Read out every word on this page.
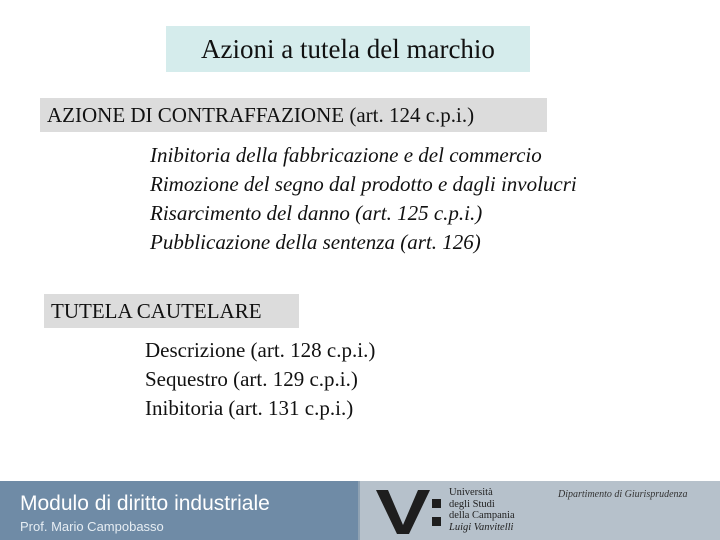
Azioni a tutela del marchio
AZIONE DI CONTRAFFAZIONE (art. 124 c.p.i.)
Inibitoria della fabbricazione e del commercio
Rimozione del segno dal prodotto e dagli involucri
Risarcimento del danno (art. 125 c.p.i.)
Pubblicazione della sentenza (art. 126)
TUTELA CAUTELARE
Descrizione (art. 128 c.p.i.)
Sequestro (art. 129 c.p.i.)
Inibitoria (art. 131 c.p.i.)
Modulo di diritto industriale
Prof. Mario Campobasso
Università
degli Studi
della Campania
Luigi Vanvitelli
Dipartimento di Giurisprudenza
